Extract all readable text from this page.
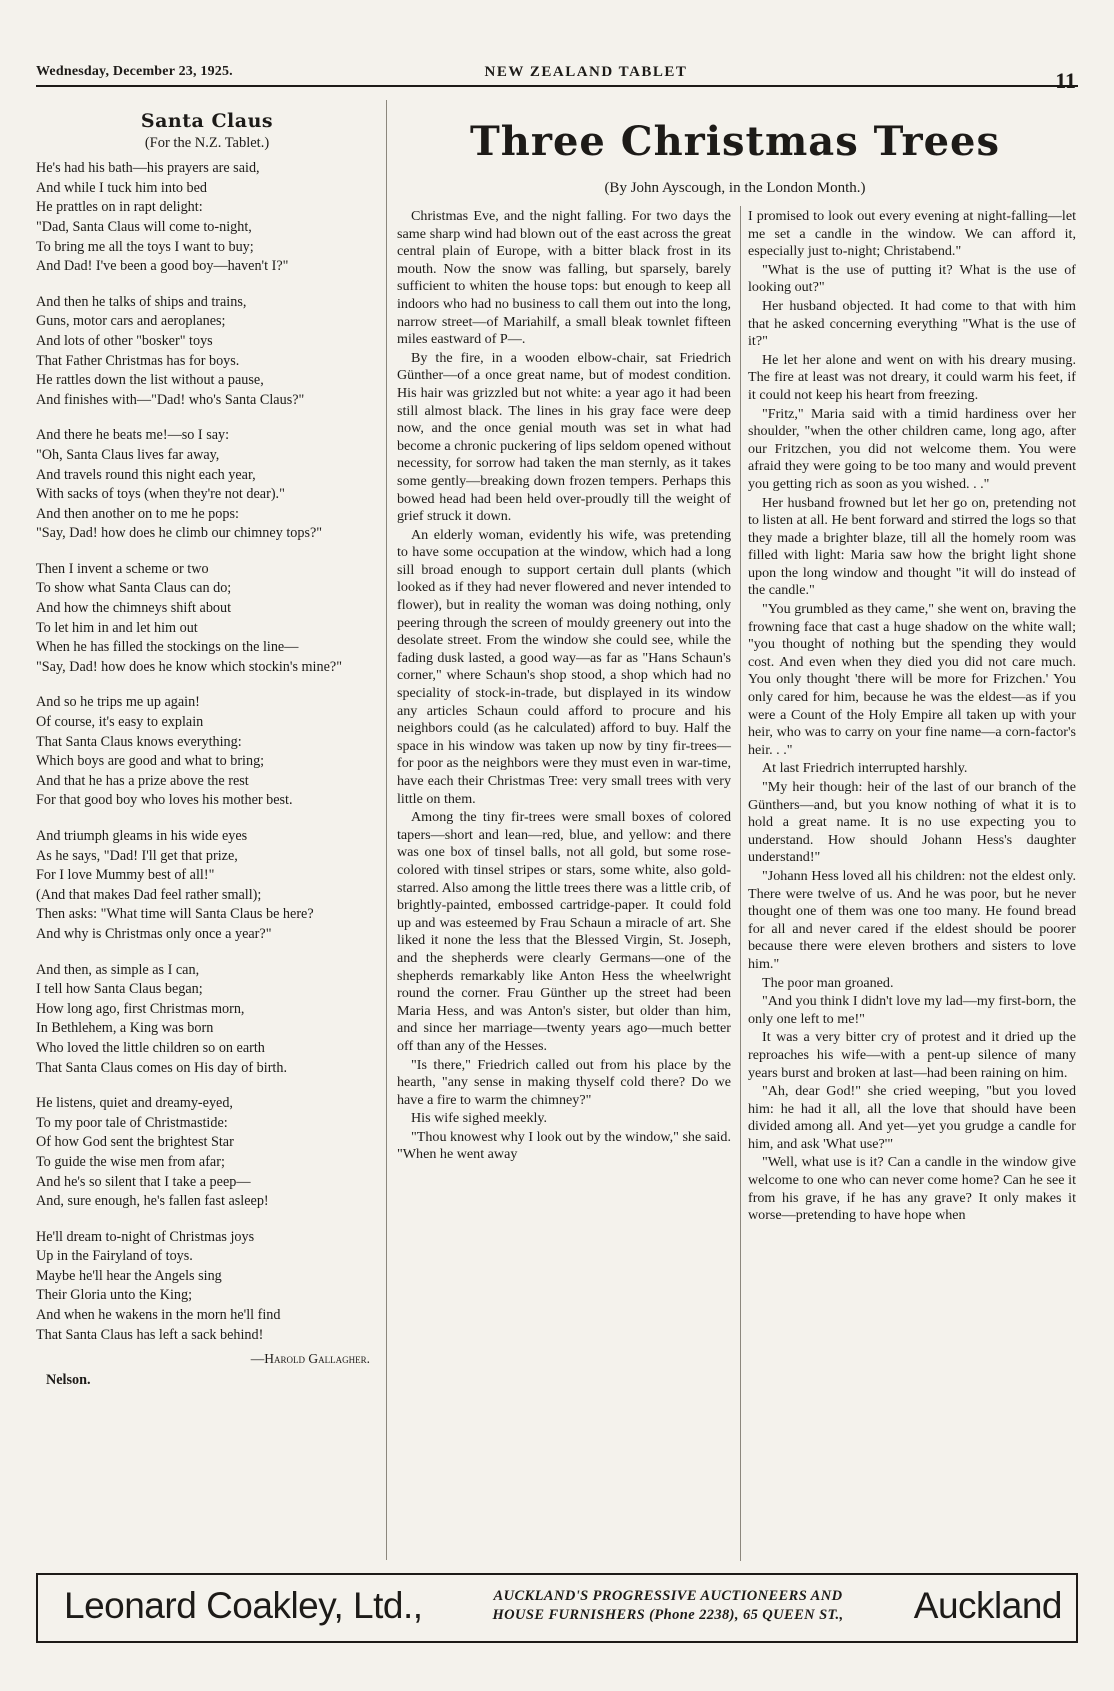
Wednesday, December 23, 1925.	NEW ZEALAND TABLET	11
Santa Claus
(For the N.Z. Tablet.)
He's had his bath—his prayers are said,
And while I tuck him into bed
He prattles on in rapt delight:
"Dad, Santa Claus will come to-night,
To bring me all the toys I want to buy;
And Dad! I've been a good boy—haven't I?"
And then he talks of ships and trains,
Guns, motor cars and aeroplanes;
And lots of other "bosker" toys
That Father Christmas has for boys.
He rattles down the list without a pause,
And finishes with—"Dad! who's Santa Claus?"
And there he beats me!—so I say:
"Oh, Santa Claus lives far away,
And travels round this night each year,
With sacks of toys (when they're not dear)."
And then another on to me he pops:
"Say, Dad! how does he climb our chimney tops?"
Then I invent a scheme or two
To show what Santa Claus can do;
And how the chimneys shift about
To let him in and let him out
When he has filled the stockings on the line—
"Say, Dad! how does he know which stockin's mine?"
And so he trips me up again!
Of course, it's easy to explain
That Santa Claus knows everything:
Which boys are good and what to bring;
And that he has a prize above the rest
For that good boy who loves his mother best.
And triumph gleams in his wide eyes
As he says, "Dad! I'll get that prize,
For I love Mummy best of all!"
(And that makes Dad feel rather small);
Then asks: "What time will Santa Claus be here?
And why is Christmas only once a year?"
And then, as simple as I can,
I tell how Santa Claus began;
How long ago, first Christmas morn,
In Bethlehem, a King was born
Who loved the little children so on earth
That Santa Claus comes on His day of birth.
He listens, quiet and dreamy-eyed,
To my poor tale of Christmastide:
Of how God sent the brightest Star
To guide the wise men from afar;
And he's so silent that I take a peep—
And, sure enough, he's fallen fast asleep!
He'll dream to-night of Christmas joys
Up in the Fairyland of toys.
Maybe he'll hear the Angels sing
Their Gloria unto the King;
And when he wakens in the morn he'll find
That Santa Claus has left a sack behind!
—Harold Gallagher.
Nelson.
Three Christmas Trees
(By John Ayscough, in the London Month.)

Christmas Eve, and the night falling. For two days the same sharp wind had blown out of the east across the great central plain of Europe, with a bitter black frost in its mouth. Now the snow was falling, but sparsely, barely sufficient to whiten the house tops: but enough to keep all indoors who had no business to call them out into the long, narrow street—of Mariahilf, a small bleak townlet fifteen miles eastward of P—.

By the fire, in a wooden elbow-chair, sat Friedrich Günther—of a once great name, but of modest condition. His hair was grizzled but not white: a year ago it had been still almost black. The lines in his gray face were deep now, and the once genial mouth was set in what had become a chronic puckering of lips seldom opened without necessity, for sorrow had taken the man sternly, as it takes some gently—breaking down frozen tempers. Perhaps this bowed head had been held over-proudly till the weight of grief struck it down.

An elderly woman, evidently his wife, was pretending to have some occupation at the window, which had a long sill broad enough to support certain dull plants (which looked as if they had never flowered and never intended to flower), but in reality the woman was doing nothing, only peering through the screen of mouldy greenery out into the desolate street. From the window she could see, while the fading dusk lasted, a good way—as far as "Hans Schaun's corner," where Schaun's shop stood, a shop which had no speciality of stock-in-trade, but displayed in its window any articles Schaun could afford to procure and his neighbors could (as he calculated) afford to buy. Half the space in his window was taken up now by tiny fir-trees—for poor as the neighbors were they must even in war-time, have each their Christmas Tree: very small trees with very little on them.

Among the tiny fir-trees were small boxes of colored tapers—short and lean—red, blue, and yellow: and there was one box of tinsel balls, not all gold, but some rose-colored with tinsel stripes or stars, some white, also gold-starred. Also among the little trees there was a little crib, of brightly-painted, embossed cartridge-paper. It could fold up and was esteemed by Frau Schaun a miracle of art. She liked it none the less that the Blessed Virgin, St. Joseph, and the shepherds were clearly Germans—one of the shepherds remarkably like Anton Hess the wheelwright round the corner. Frau Günther up the street had been Maria Hess, and was Anton's sister, but older than him, and since her marriage—twenty years ago—much better off than any of the Hesses.

"Is there," Friedrich called out from his place by the hearth, "any sense in making thyself cold there? Do we have a fire to warm the chimney?"

His wife sighed meekly.

"Thou knowest why I look out by the window," she said. "When he went away

I promised to look out every evening at night-falling—let me set a candle in the window. We can afford it, especially just to-night; Christabend."

"What is the use of putting it? What is the use of looking out?"

Her husband objected. It had come to that with him that he asked concerning everything "What is the use of it?"

He let her alone and went on with his dreary musing. The fire at least was not dreary, it could warm his feet, if it could not keep his heart from freezing.

"Fritz," Maria said with a timid hardiness over her shoulder, "when the other children came, long ago, after our Fritzchen, you did not welcome them. You were afraid they were going to be too many and would prevent you getting rich as soon as you wished. . ."

Her husband frowned but let her go on, pretending not to listen at all. He bent forward and stirred the logs so that they made a brighter blaze, till all the homely room was filled with light: Maria saw how the bright light shone upon the long window and thought "it will do instead of the candle."

"You grumbled as they came," she went on, braving the frowning face that cast a huge shadow on the white wall; "you thought of nothing but the spending they would cost. And even when they died you did not care much. You only thought 'there will be more for Frizchen.' You only cared for him, because he was the eldest—as if you were a Count of the Holy Empire all taken up with your heir, who was to carry on your fine name—a corn-factor's heir. . ."

At last Friedrich interrupted harshly.

"My heir though: heir of the last of our branch of the Günthers—and, but you know nothing of what it is to hold a great name. It is no use expecting you to understand. How should Johann Hess's daughter understand!"

"Johann Hess loved all his children: not the eldest only. There were twelve of us. And he was poor, but he never thought one of them was one too many. He found bread for all and never cared if the eldest should be poorer because there were eleven brothers and sisters to love him."

The poor man groaned.

"And you think I didn't love my lad—my first-born, the only one left to me!"

It was a very bitter cry of protest and it dried up the reproaches his wife—with a pent-up silence of many years burst and broken at last—had been raining on him.

"Ah, dear God!" she cried weeping, "but you loved him: he had it all, all the love that should have been divided among all. And yet—yet you grudge a candle for him, and ask 'What use?'"

"Well, what use is it? Can a candle in the window give welcome to one who can never come home? Can he see it from his grave, if he has any grave? It only makes it worse—pretending to have hope when

Leonard Coakley, Ltd.,	AUCKLAND'S PROGRESSIVE AUCTIONEERS AND
HOUSE FURNISHERS (Phone 2238), 65 QUEEN ST.,	Auckland
